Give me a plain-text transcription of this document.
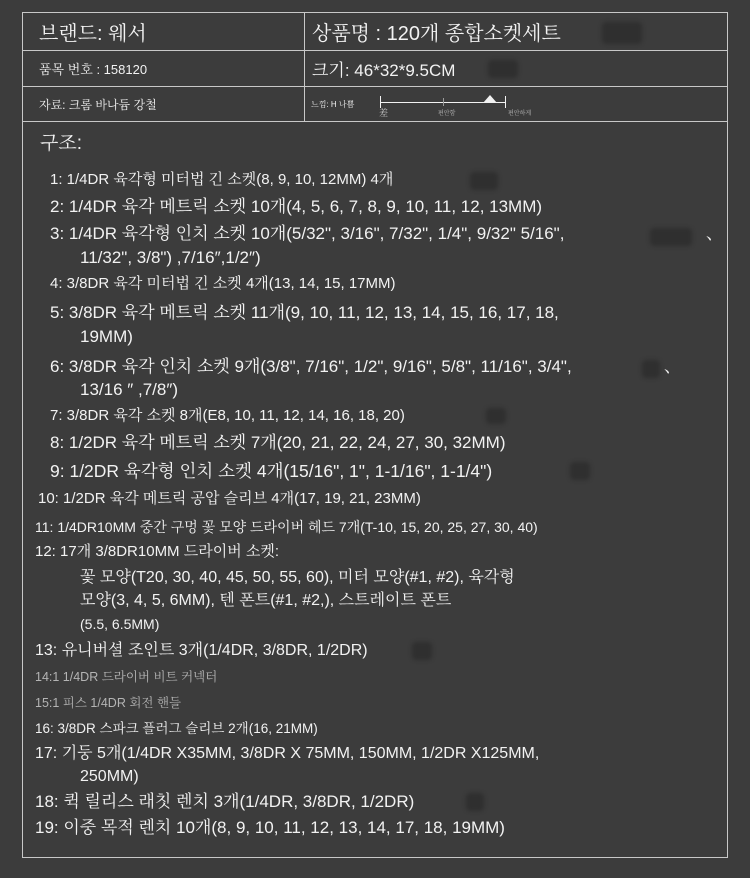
브랜드: 웨서	상품명 : 120개 종합소켓세트
품목 번호 : 158120	크기: 46*32*9.5CM
자료: 크롬 바나듐 강철	느낌: H 나쁨
差	편안함	편안하게
구조:
1: 1/4DR 육각형 미터법 긴 소켓(8, 9, 10, 12MM) 4개
2: 1/4DR 육각 메트릭 소켓 10개(4, 5, 6, 7, 8, 9, 10, 11, 12, 13MM)
3: 1/4DR 육각형 인치 소켓 10개(5/32", 3/16", 7/32", 1/4", 9/32" 5/16",	、
11/32", 3/8") ,7/16″,1/2″)
4: 3/8DR 육각 미터법 긴 소켓 4개(13, 14, 15, 17MM)
5: 3/8DR 육각 메트릭 소켓 11개(9, 10, 11, 12, 13, 14, 15, 16, 17, 18,
19MM)
6: 3/8DR 육각 인치 소켓 9개(3/8", 7/16", 1/2", 9/16", 5/8", 11/16", 3/4",	、
13/16 ″ ,7/8″)
7: 3/8DR 육각 소켓 8개(E8, 10, 11, 12, 14, 16, 18, 20)
8: 1/2DR 육각 메트릭 소켓 7개(20, 21, 22, 24, 27, 30, 32MM)
9: 1/2DR 육각형 인치 소켓 4개(15/16", 1", 1-1/16", 1-1/4")
10: 1/2DR 육각 메트릭 공압 슬리브 4개(17, 19, 21, 23MM)
11: 1/4DR10MM 중간 구멍 꽃 모양 드라이버 헤드 7개(T-10, 15, 20, 25, 27, 30, 40)
12: 17개 3/8DR10MM 드라이버 소켓:
꽃 모양(T20, 30, 40, 45, 50, 55, 60), 미터 모양(#1, #2), 육각형
모양(3, 4, 5, 6MM), 텐 폰트(#1, #2,), 스트레이트 폰트
(5.5, 6.5MM)
13: 유니버셜 조인트 3개(1/4DR, 3/8DR, 1/2DR)
14:1 1/4DR 드라이버 비트 커넥터
15:1 피스 1/4DR 회전 핸들
16: 3/8DR 스파크 플러그 슬리브 2개(16, 21MM)
17: 기둥 5개(1/4DR X35MM, 3/8DR X 75MM, 150MM, 1/2DR X125MM,
250MM)
18: 퀵 릴리스 래칫 렌치 3개(1/4DR, 3/8DR, 1/2DR)
19: 이중 목적 렌치 10개(8, 9, 10, 11, 12, 13, 14, 17, 18, 19MM)
